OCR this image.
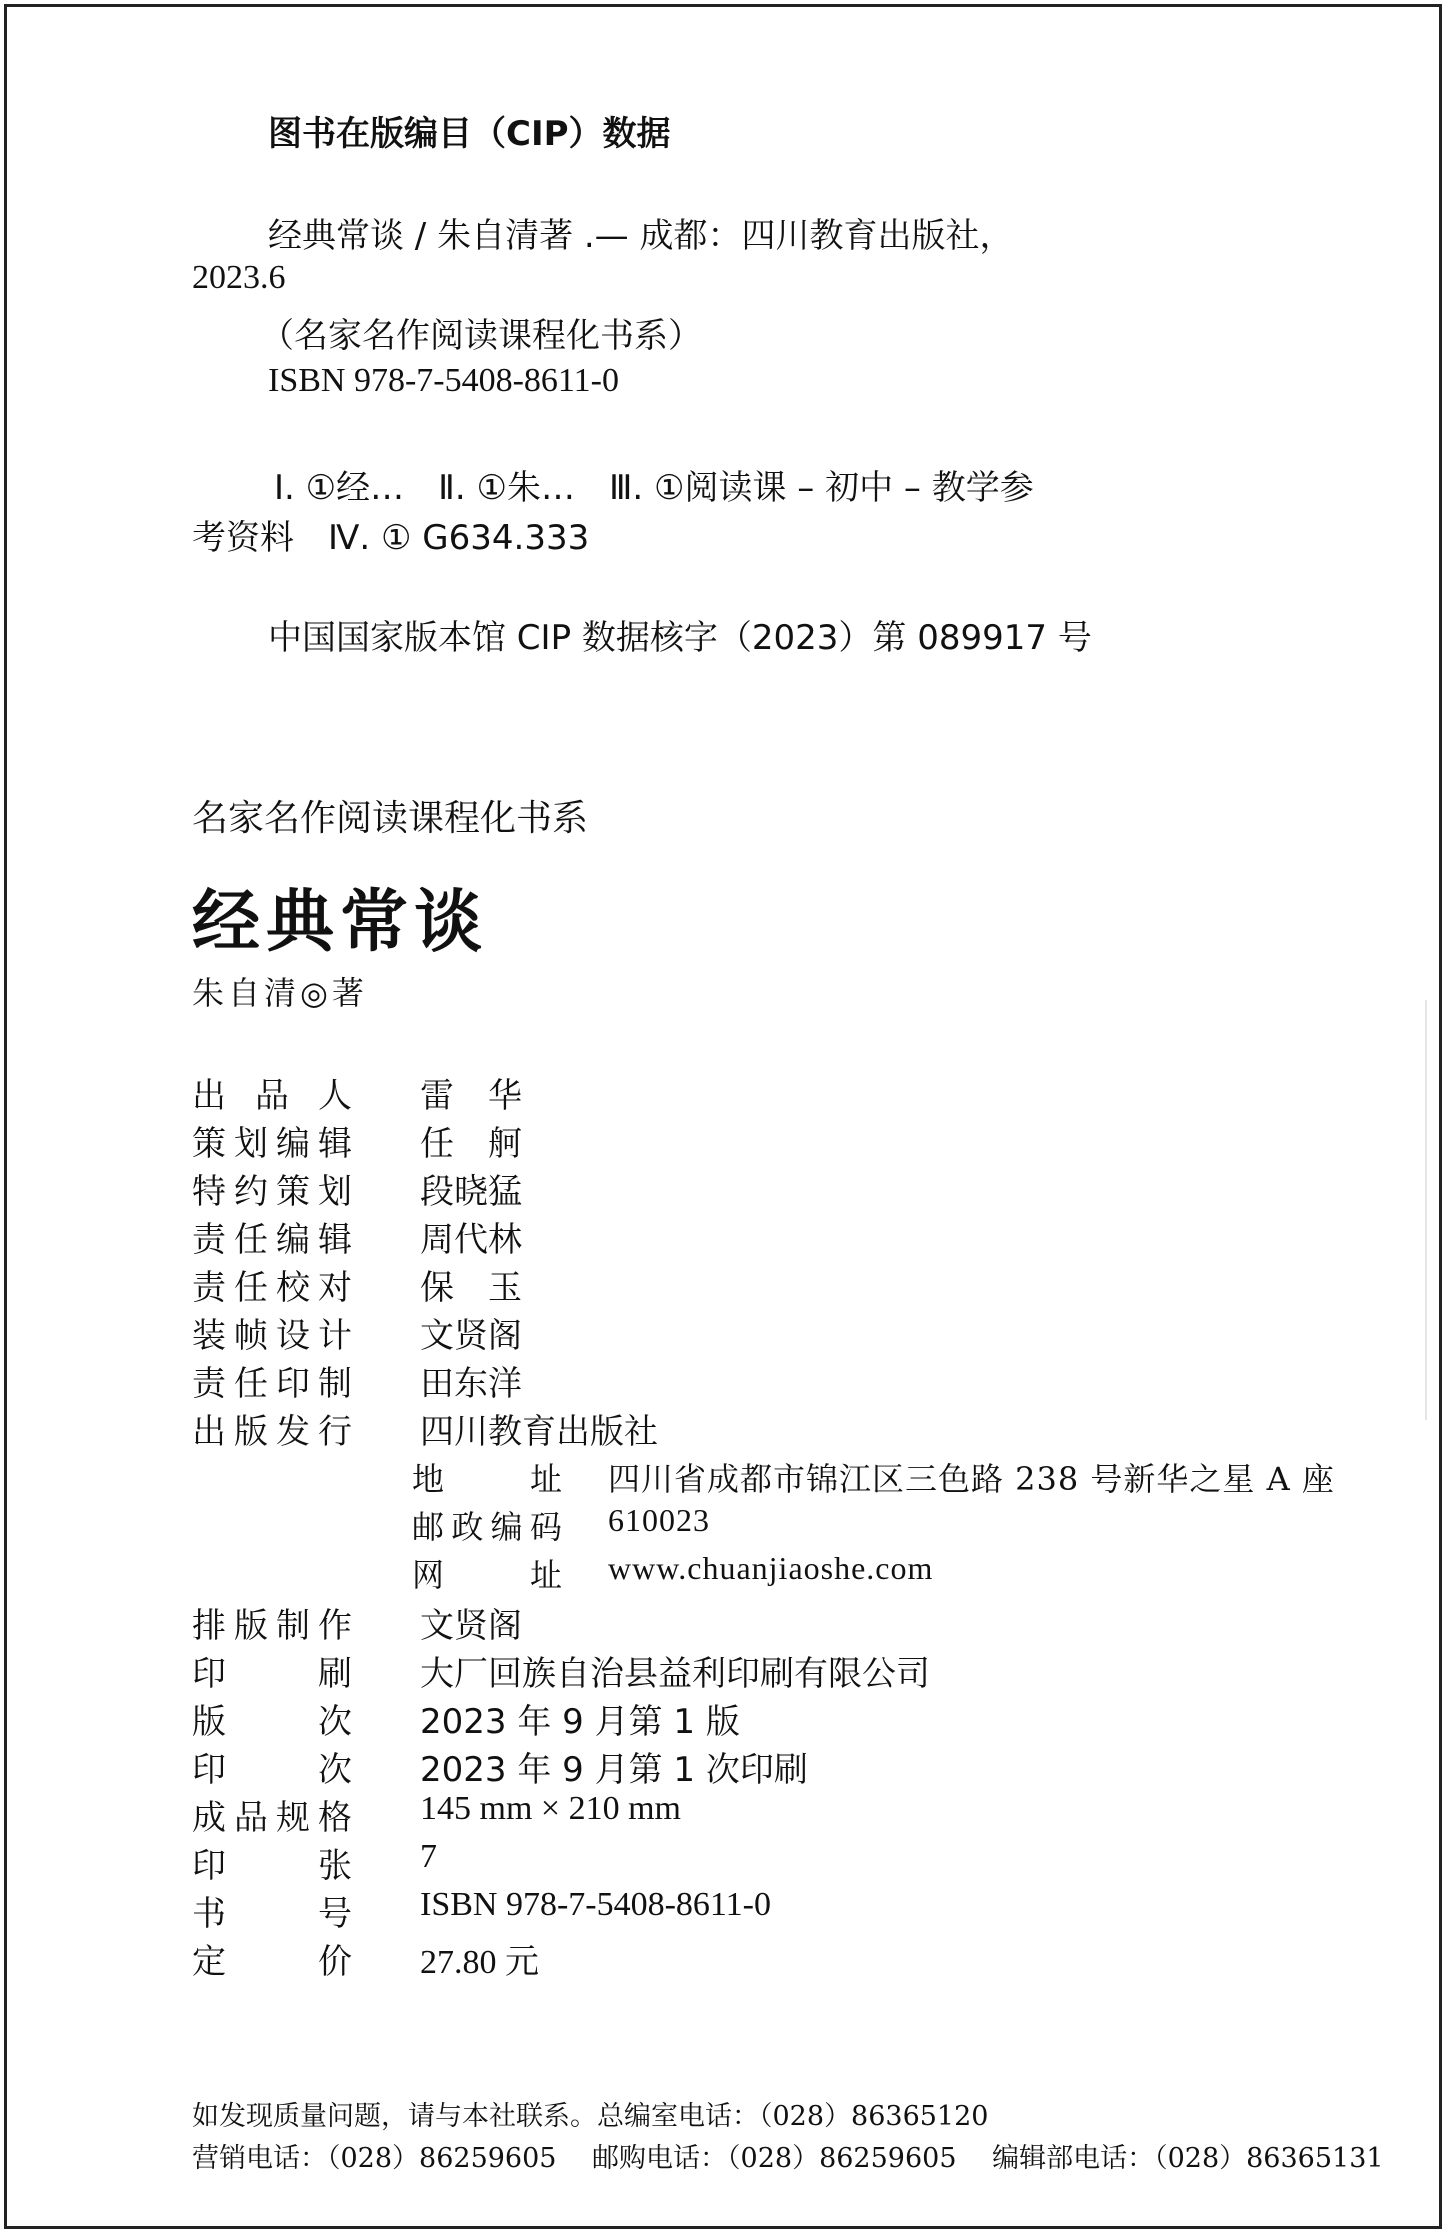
图书在版编目（CIP）数据
经典常谈 / 朱自清著 .— 成都：四川教育出版社，
2023.6
（名家名作阅读课程化书系）
ISBN 978-7-5408-8611-0
Ⅰ. ①经…　Ⅱ. ①朱…　Ⅲ. ①阅读课 – 初中 – 教学参
考资料　Ⅳ. ① G634.333
中国国家版本馆 CIP 数据核字（2023）第 089917 号
名家名作阅读课程化书系
经典常谈
朱自清◎著
出 品 人 雷　华
策 划 编 辑 任　舸
特 约 策 划 段晓猛
责 任 编 辑 周代林
责 任 校 对 保　玉
装 帧 设 计 文贤阁
责 任 印 制 田东洋
出 版 发 行 四川教育出版社
地	址 四川省成都市锦江区三色路 238 号新华之星 A 座
邮 政 编 码 610023
网	址 www.chuanjiaoshe.com
排 版 制 作 文贤阁
印	刷 大厂回族自治县益利印刷有限公司
版	次 2023 年 9 月第 1 版
印	次 2023 年 9 月第 1 次印刷
成 品 规 格 145 mm × 210 mm
印	张 7
书	号 ISBN 978-7-5408-8611-0
定	价 27.80 元
如发现质量问题，请与本社联系。总编室电话：（028）86365120
营销电话：（028）86259605　 邮购电话：（028）86259605　 编辑部电话：（028）86365131
